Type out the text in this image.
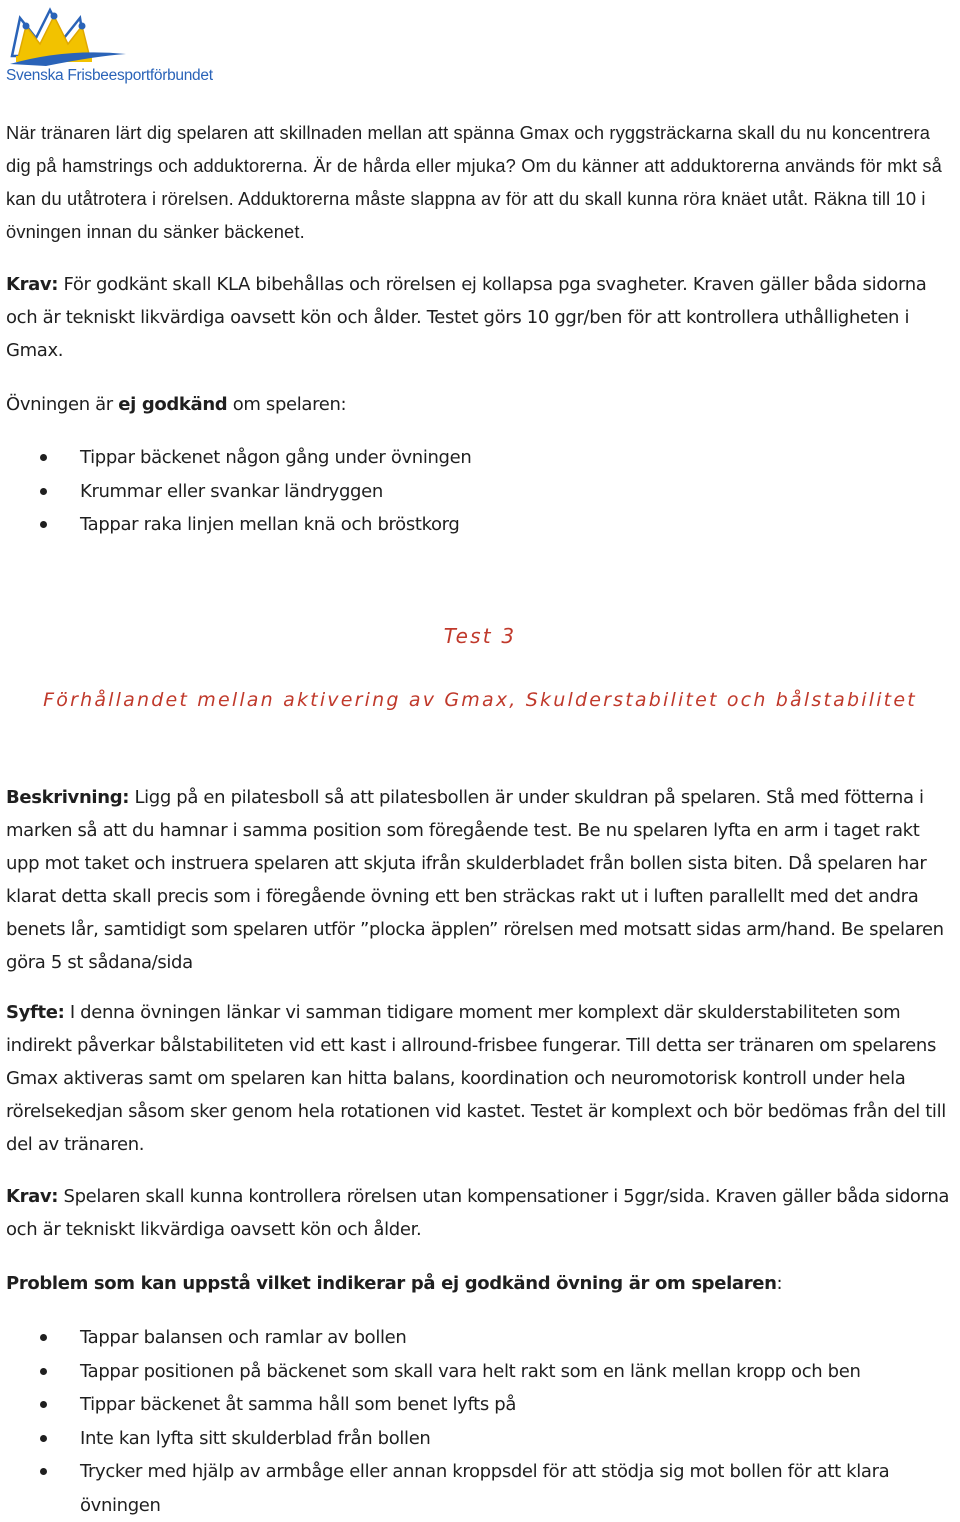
Svenska Frisbeesportförbundet

När tränaren lärt dig spelaren att skillnaden mellan att spänna Gmax och ryggsträckarna skall du nu koncentrera dig på hamstrings och adduktorerna. Är de hårda eller mjuka? Om du känner att adduktorerna används för mkt så kan du utåtrotera i rörelsen. Adduktorerna måste slappna av för att du skall kunna röra knäet utåt. Räkna till 10 i övningen innan du sänker bäckenet.

Krav: För godkänt skall KLA bibehållas och rörelsen ej kollapsa pga svagheter. Kraven gäller båda sidorna och är tekniskt likvärdiga oavsett kön och ålder. Testet görs 10 ggr/ben för att kontrollera uthålligheten i Gmax.

Övningen är ej godkänd om spelaren:

Tippar bäckenet någon gång under övningen
Krummar eller svankar ländryggen
Tappar raka linjen mellan knä och bröstkorg
Test 3
Förhållandet mellan aktivering av Gmax, Skulderstabilitet och bålstabilitet

Beskrivning: Ligg på en pilatesboll så att pilatesbollen är under skuldran på spelaren. Stå med fötterna i marken så att du hamnar i samma position som föregående test. Be nu spelaren lyfta en arm i taget rakt upp mot taket och instruera spelaren att skjuta ifrån skulderbladet från bollen sista biten. Då spelaren har klarat detta skall precis som i föregående övning ett ben sträckas rakt ut i luften parallellt med det andra benets lår, samtidigt som spelaren utför ”plocka äpplen” rörelsen med motsatt sidas arm/hand. Be spelaren göra 5 st sådana/sida

Syfte: I denna övningen länkar vi samman tidigare moment mer komplext där skulderstabiliteten som indirekt påverkar bålstabiliteten vid ett kast i allround-frisbee fungerar. Till detta ser tränaren om spelarens Gmax aktiveras samt om spelaren kan hitta balans, koordination och neuromotorisk kontroll under hela rörelsekedjan såsom sker genom hela rotationen vid kastet. Testet är komplext och bör bedömas från del till del av tränaren.

Krav: Spelaren skall kunna kontrollera rörelsen utan kompensationer i 5ggr/sida. Kraven gäller båda sidorna och är tekniskt likvärdiga oavsett kön och ålder.

Problem som kan uppstå vilket indikerar på ej godkänd övning är om spelaren:

Tappar balansen och ramlar av bollen
Tappar positionen på bäckenet som skall vara helt rakt som en länk mellan kropp och ben
Tippar bäckenet åt samma håll som benet lyfts på
Inte kan lyfta sitt skulderblad från bollen
Trycker med hjälp av armbåge eller annan kroppsdel för att stödja sig mot bollen för att klara övningen
